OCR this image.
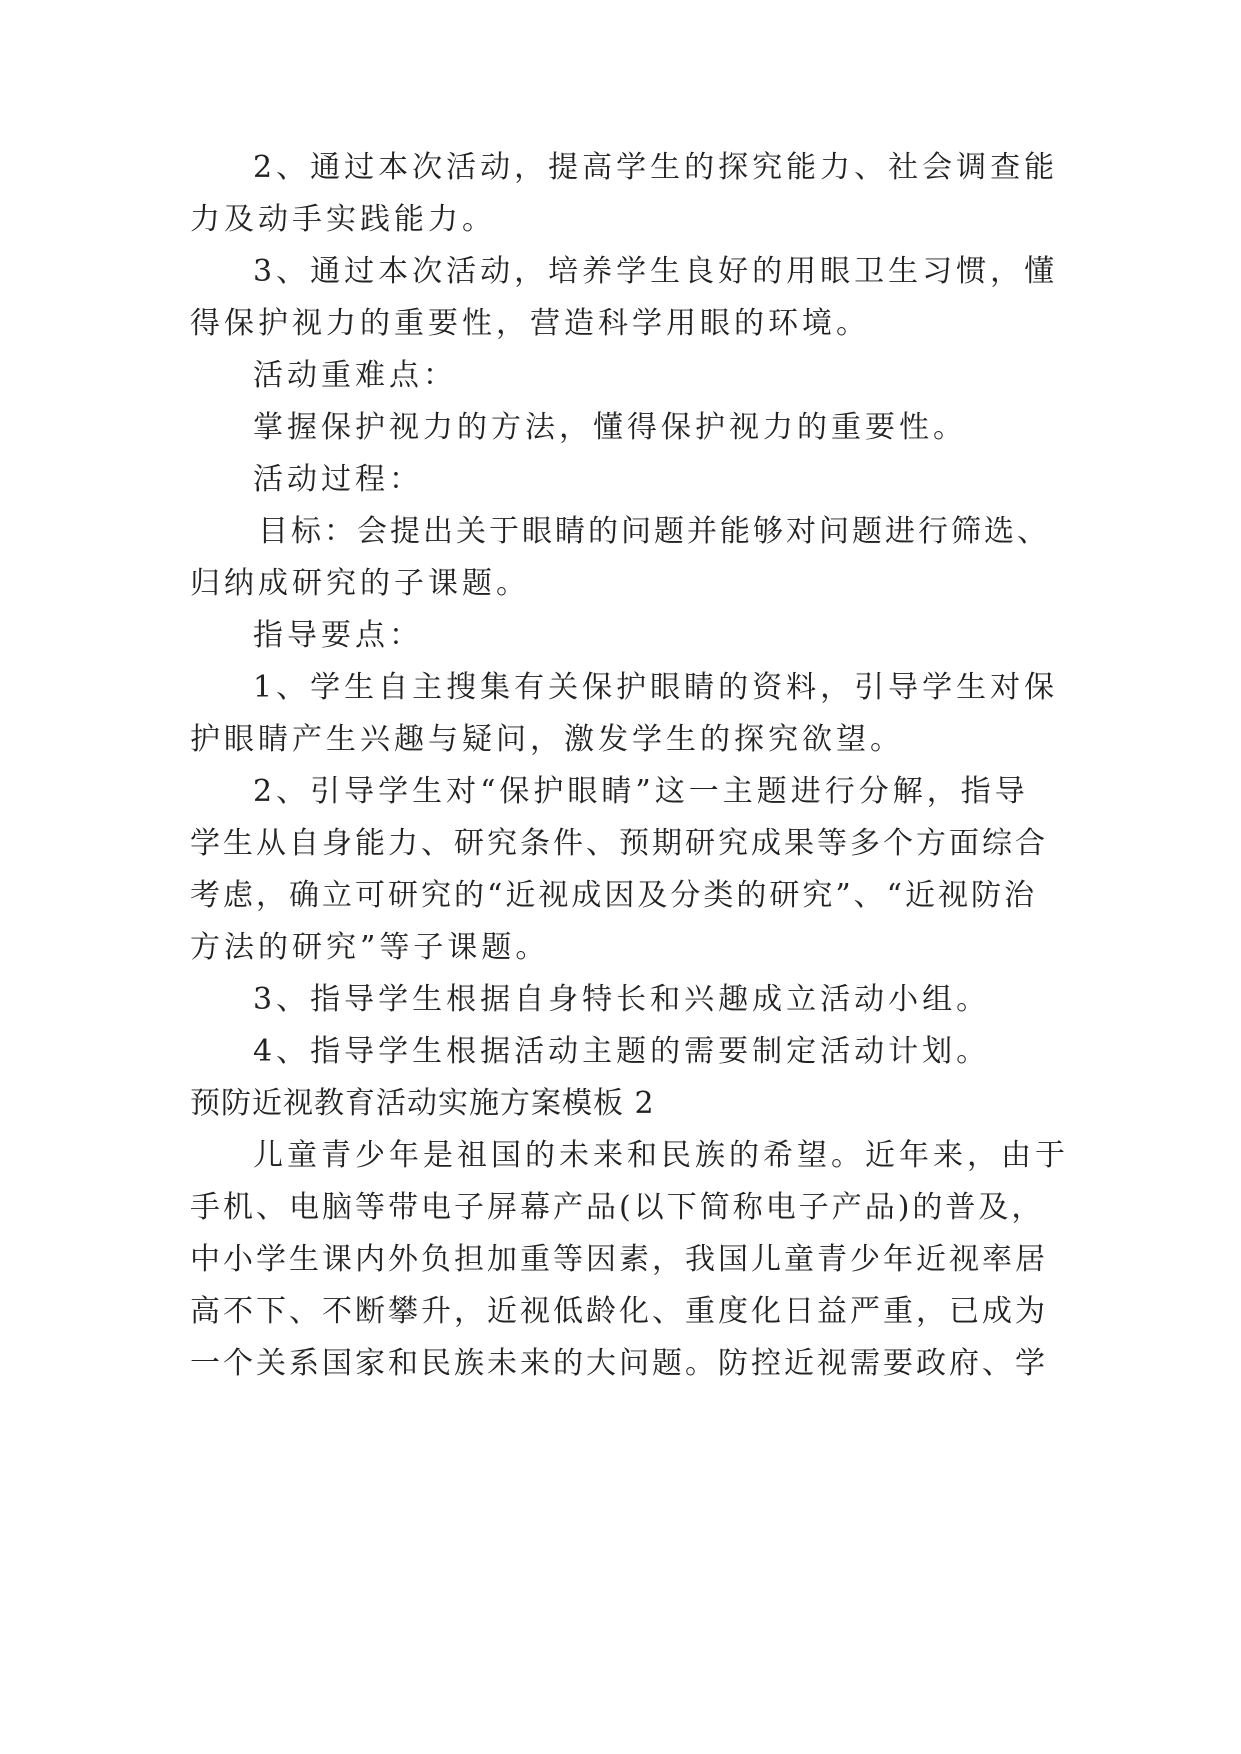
2、通过本次活动，提高学生的探究能力、社会调查能
力及动手实践能力。
3、通过本次活动，培养学生良好的用眼卫生习惯，懂
得保护视力的重要性，营造科学用眼的环境。
活动重难点：
掌握保护视力的方法，懂得保护视力的重要性。
活动过程：
目标：会提出关于眼睛的问题并能够对问题进行筛选、
归纳成研究的子课题。
指导要点：
1、学生自主搜集有关保护眼睛的资料，引导学生对保
护眼睛产生兴趣与疑问，激发学生的探究欲望。
2、引导学生对“保护眼睛”这一主题进行分解，指导
学生从自身能力、研究条件、预期研究成果等多个方面综合
考虑，确立可研究的“近视成因及分类的研究”、“近视防治
方法的研究”等子课题。
3、指导学生根据自身特长和兴趣成立活动小组。
4、指导学生根据活动主题的需要制定活动计划。
预防近视教育活动实施方案模板 2
儿童青少年是祖国的未来和民族的希望。近年来，由于
手机、电脑等带电子屏幕产品(以下简称电子产品)的普及，
中小学生课内外负担加重等因素，我国儿童青少年近视率居
高不下、不断攀升，近视低龄化、重度化日益严重，已成为
一个关系国家和民族未来的大问题。防控近视需要政府、学
